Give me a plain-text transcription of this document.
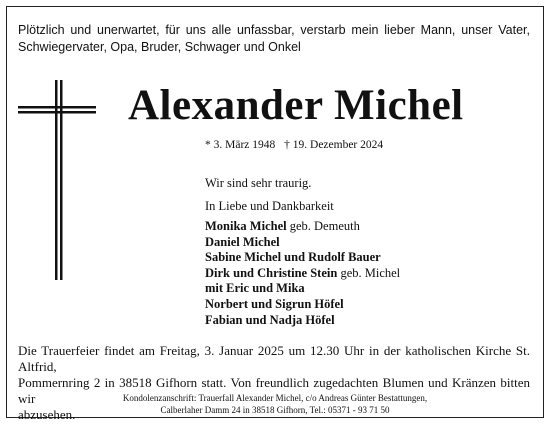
Plötzlich und unerwartet, für uns alle unfassbar, verstarb mein lieber Mann, unser Vater,
Schwiegervater, Opa, Bruder, Schwager und Onkel
Alexander Michel
* 3. März 1948 † 19. Dezember 2024
Wir sind sehr traurig.
In Liebe und Dankbarkeit
Monika Michel geb. Demeuth
Daniel Michel
Sabine Michel und Rudolf Bauer
Dirk und Christine Stein geb. Michel
mit Eric und Mika
Norbert und Sigrun Höfel
Fabian und Nadja Höfel
Die Trauerfeier findet am Freitag, 3. Januar 2025 um 12.30 Uhr in der katholischen Kirche St. Altfrid,
Pommernring 2 in 38518 Gifhorn statt. Von freundlich zugedachten Blumen und Kränzen bitten wir
abzusehen.
Kondolenzanschrift: Trauerfall Alexander Michel, c/o Andreas Günter Bestattungen,
Calberlaher Damm 24 in 38518 Gifhorn, Tel.: 05371 - 93 71 50
